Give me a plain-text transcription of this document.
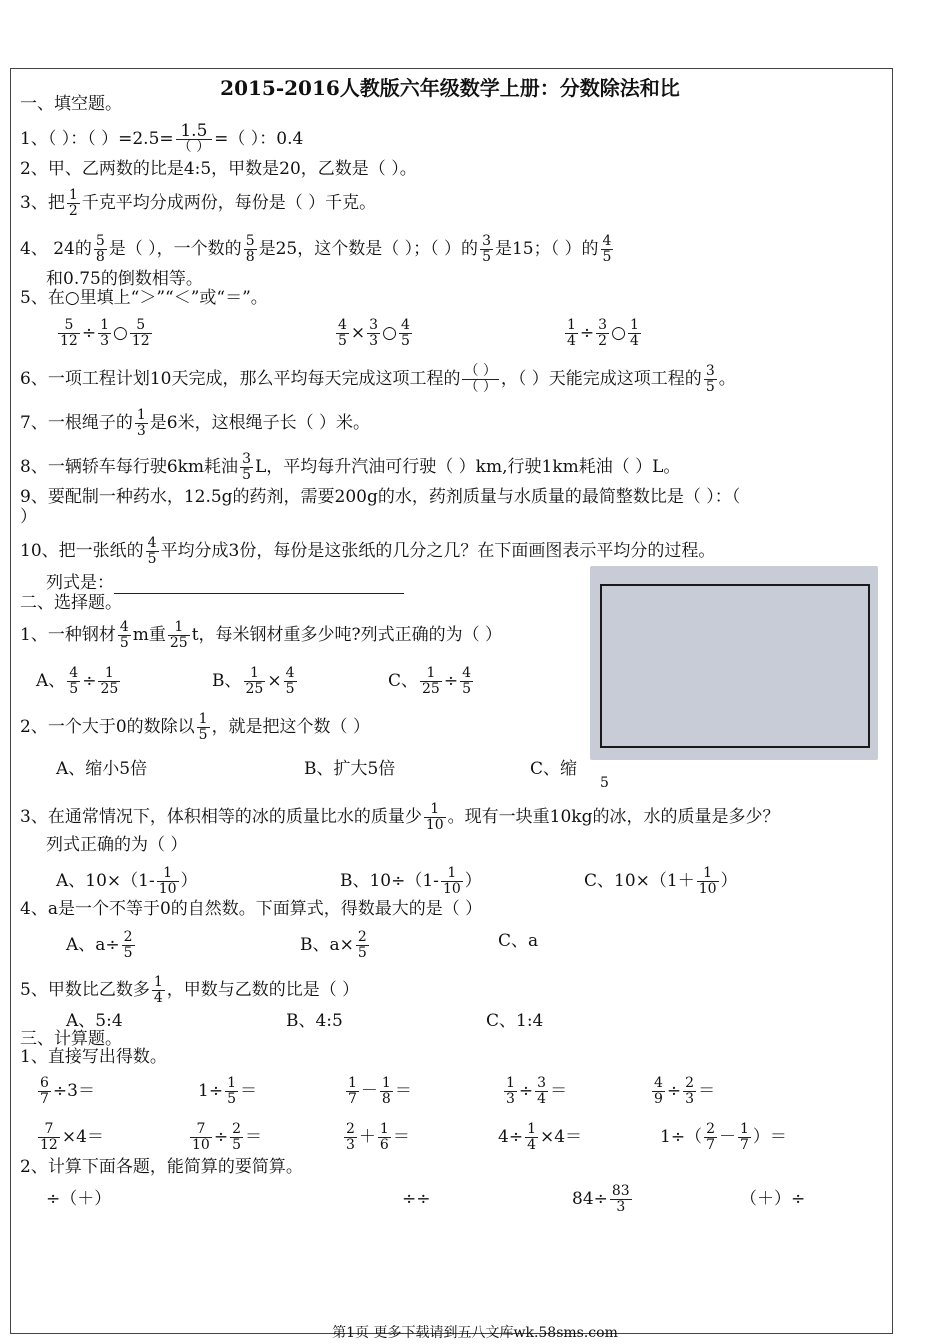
2015-2016人教版六年级数学上册：分数除法和比
一、填空题。
1、（ ）：（ ）$=2.5= \frac{1.5}{( )}$ =（ ）：0.4
2、甲、乙两数的比是4:5，甲数是20，乙数是（ ）。
3、把 $\frac{1}{2}$ 千克平均分成两份，每份是（ ）千克。
4、 24的 $\frac{5}{8}$ 是（ ），一个数的 $\frac{5}{8}$ 是25，这个数是（ ）；（ ）的 $\frac{3}{5}$ 是15；（ ）的 $\frac{4}{5}$
和0.75的倒数相等。
5、在○里填上“＞”“＜”或“＝”。
$\frac{5}{12} \div \frac{1}{3}$ ○ $\frac{5}{12}$	$\frac{4}{5} \times \frac{3}{3}$ ○ $\frac{4}{5}$	$\frac{1}{4} \div \frac{3}{2}$ ○ $\frac{1}{4}$
6、一项工程计划10天完成，那么平均每天完成这项工程的 $\frac{( )}{( )}$ ，（ ）天能完成这项工程的 $\frac{3}{5}$ 。
7、一根绳子的 $\frac{1}{3}$ 是6米，这根绳子长（ ）米。
8、一辆轿车每行驶6km耗油 $\frac{3}{5}$ L，平均每升汽油可行驶（ ）km,行驶1km耗油（ ）L。
9、要配制一种药水，12.5g的药剂，需要200g的水，药剂质量与水质量的最简整数比是（ ）：（
）
10、把一张纸的 $\frac{4}{5}$ 平均分成3份，每份是这张纸的几分之几？在下面画图表示平均分的过程。
列式是：
二、选择题。
1、一种钢材 $\frac{4}{5}$ m重 $\frac{1}{25}$ t，每米钢材重多少吨?列式正确的为（ ）
A、 $\frac{4}{5} \div \frac{1}{25}$	B、 $\frac{1}{25} \times \frac{4}{5}$	C、 $\frac{1}{25} \div \frac{4}{5}$
2、一个大于0的数除以 $\frac{1}{5}$ ，就是把这个数（ ）
A、缩小5倍	B、扩大5倍	C、缩
5
3、在通常情况下，体积相等的冰的质量比水的质量少 $\frac{1}{10}$ 。现有一块重10kg的冰，水的质量是多少？
列式正确的为（ ）
A、$10\times(1- \frac{1}{10}$ ）	B、$10\div(1- \frac{1}{10}$ ）	C、$10\times(1+ \frac{1}{10}$ ）
4、a是一个不等于0的自然数。下面算式，得数最大的是（ ）
A、$a\div \frac{2}{5}$	B、$a\times \frac{2}{5}$	C、a
5、甲数比乙数多 $\frac{1}{4}$ ，甲数与乙数的比是（ ）
A、5:4	B、4:5	C、1:4
三、计算题。
1、直接写出得数。
$\frac{6}{7} \div 3=$	$1\div \frac{1}{5}$ ＝	$\frac{1}{7} - \frac{1}{8}$ ＝	$\frac{1}{3} \div \frac{3}{4}$ ＝	$\frac{4}{9} \div \frac{2}{3}$ ＝
$\frac{7}{12} \times 4=$	$\frac{7}{10} \div \frac{2}{5}$ ＝	$\frac{2}{3} + \frac{1}{6}$ ＝	$4\div \frac{1}{4} \times 4=$	$1\div( \frac{2}{7} - \frac{1}{7}$ ）＝
2、计算下面各题，能简算的要简算。
÷（＋）	÷÷	$84\div \frac{83}{3}$	（＋）÷
第1页 更多下载请到五八文库wk.58sms.com
